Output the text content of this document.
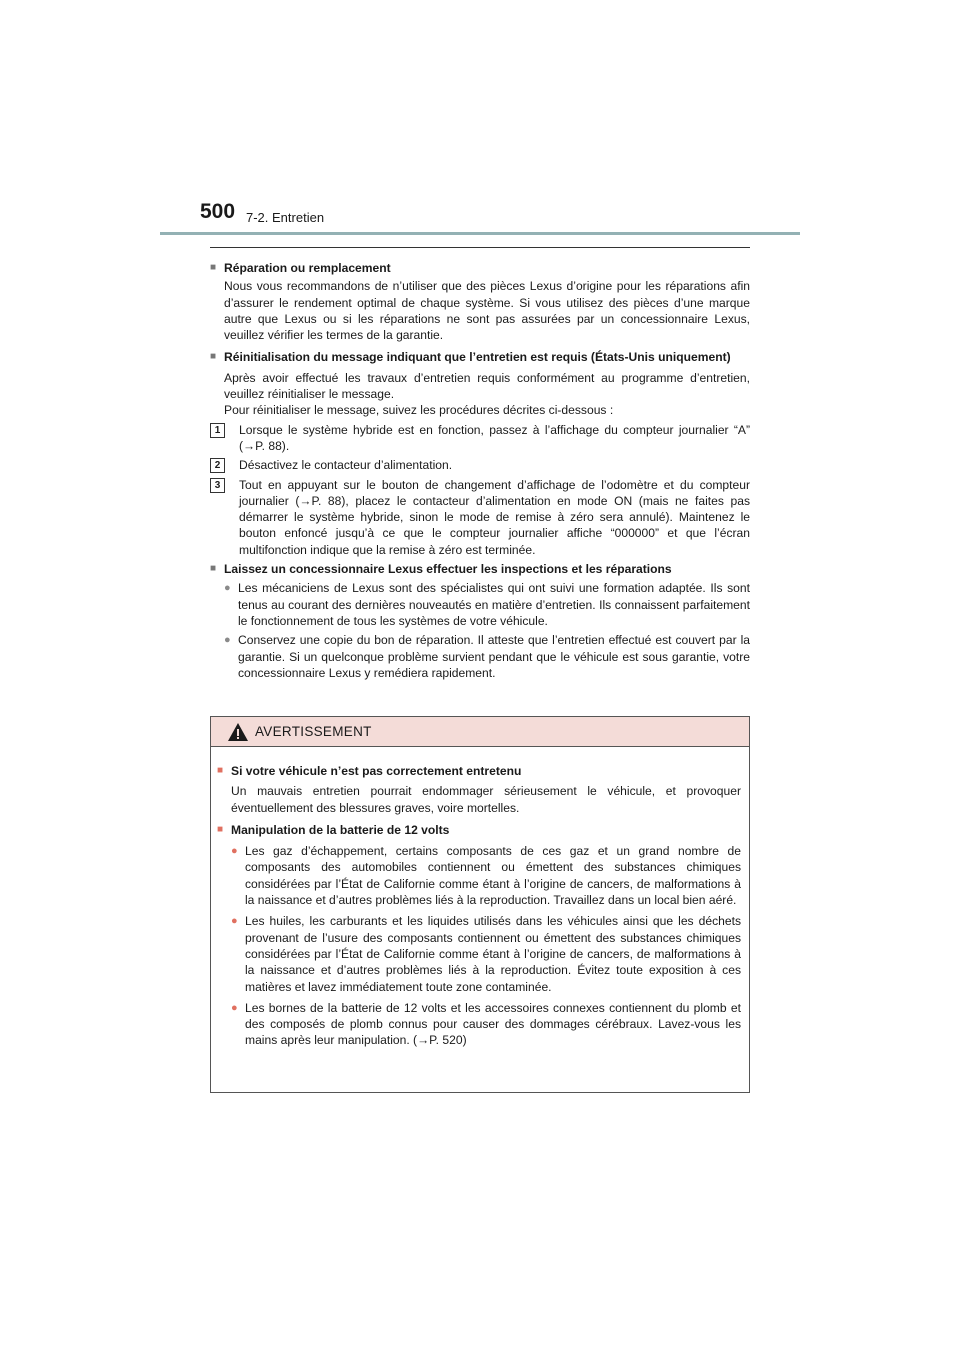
500 7-2. Entretien
■ Réparation ou remplacement
Nous vous recommandons de n’utiliser que des pièces Lexus d’origine pour les réparations afin d’assurer le rendement optimal de chaque système. Si vous utilisez des pièces d’une marque autre que Lexus ou si les réparations ne sont pas assurées par un concessionnaire Lexus, veuillez vérifier les termes de la garantie.
■ Réinitialisation du message indiquant que l’entretien est requis (États-Unis uniquement)
Après avoir effectué les travaux d’entretien requis conformément au programme d’entretien, veuillez réinitialiser le message.
Pour réinitialiser le message, suivez les procédures décrites ci-dessous :
1	Lorsque le système hybride est en fonction, passez à l’affichage du compteur journalier “A” (→P. 88).
2	Désactivez le contacteur d’alimentation.
3	Tout en appuyant sur le bouton de changement d’affichage de l’odomètre et du compteur journalier (→P. 88), placez le contacteur d’alimentation en mode ON (mais ne faites pas démarrer le système hybride, sinon le mode de remise à zéro sera annulé). Maintenez le bouton enfoncé jusqu’à ce que le compteur journalier affiche “000000” et que l’écran multifonction indique que la remise à zéro est terminée.
■ Laissez un concessionnaire Lexus effectuer les inspections et les réparations
● Les mécaniciens de Lexus sont des spécialistes qui ont suivi une formation adaptée. Ils sont tenus au courant des dernières nouveautés en matière d’entretien. Ils connaissent parfaitement le fonctionnement de tous les systèmes de votre véhicule.
● Conservez une copie du bon de réparation. Il atteste que l’entretien effectué est couvert par la garantie. Si un quelconque problème survient pendant que le véhicule est sous garantie, votre concessionnaire Lexus y remédiera rapidement.
AVERTISSEMENT
■ Si votre véhicule n’est pas correctement entretenu
Un mauvais entretien pourrait endommager sérieusement le véhicule, et provoquer éventuellement des blessures graves, voire mortelles.
■ Manipulation de la batterie de 12 volts
● Les gaz d’échappement, certains composants de ces gaz et un grand nombre de composants des automobiles contiennent ou émettent des substances chimiques considérées par l’État de Californie comme étant à l’origine de cancers, de malformations à la naissance et d’autres problèmes liés à la reproduction. Travaillez dans un local bien aéré.
● Les huiles, les carburants et les liquides utilisés dans les véhicules ainsi que les déchets provenant de l’usure des composants contiennent ou émettent des substances chimiques considérées par l’État de Californie comme étant à l’origine de cancers, de malformations à la naissance et d’autres problèmes liés à la reproduction. Évitez toute exposition à ces matières et lavez immédiatement toute zone contaminée.
● Les bornes de la batterie de 12 volts et les accessoires connexes contiennent du plomb et des composés de plomb connus pour causer des dommages cérébraux. Lavez-vous les mains après leur manipulation. (→P. 520)
